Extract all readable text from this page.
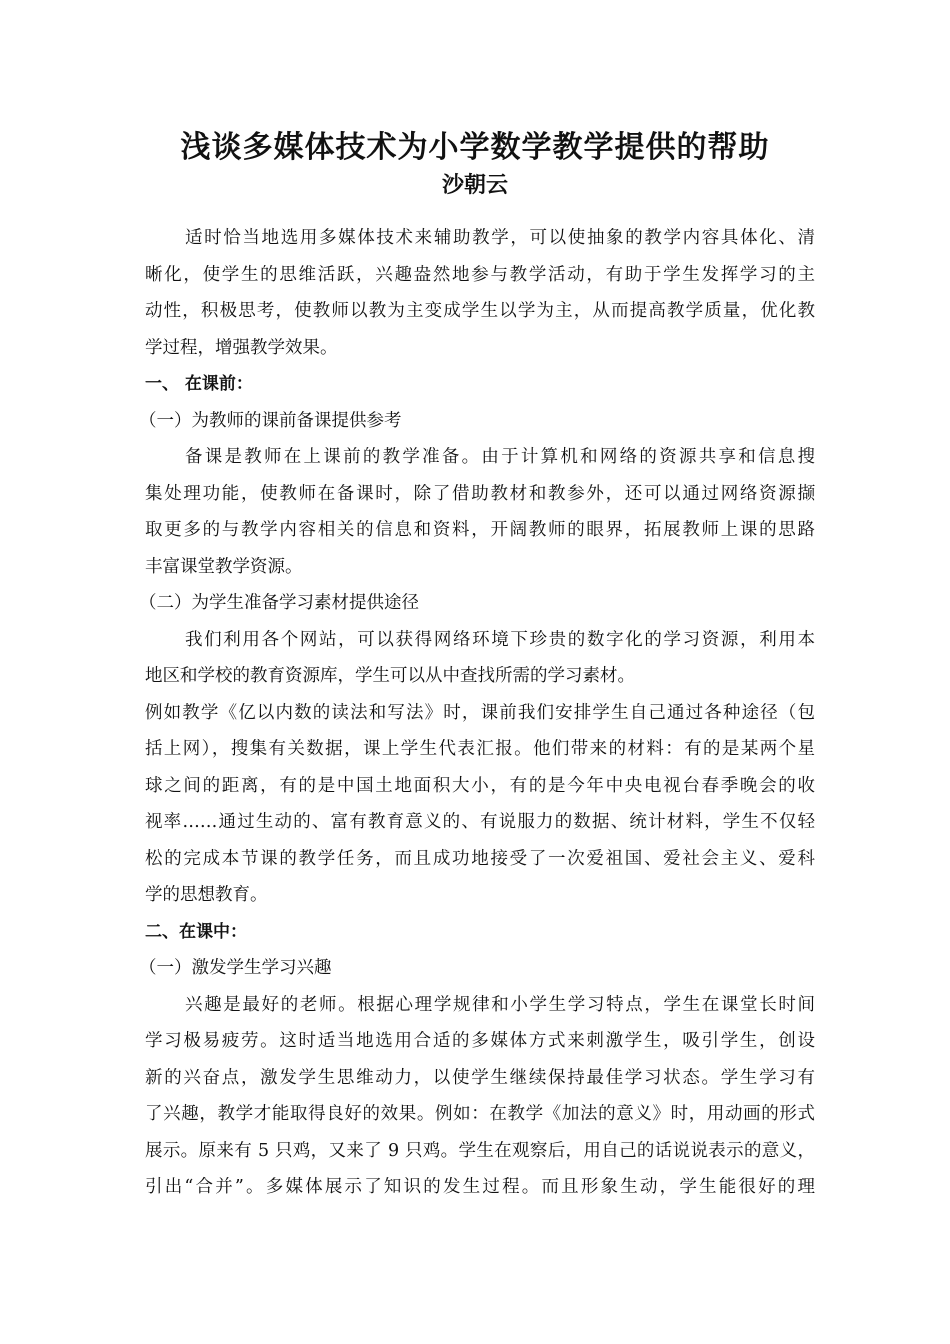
浅谈多媒体技术为小学数学教学提供的帮助
沙朝云
适时恰当地选用多媒体技术来辅助教学，可以使抽象的教学内容具体化、清
晰化，使学生的思维活跃，兴趣盎然地参与教学活动，有助于学生发挥学习的主
动性，积极思考，使教师以教为主变成学生以学为主，从而提高教学质量，优化教
学过程，增强教学效果。
一、 在课前：
（一）为教师的课前备课提供参考
备课是教师在上课前的教学准备。由于计算机和网络的资源共享和信息搜
集处理功能，使教师在备课时，除了借助教材和教参外，还可以通过网络资源撷
取更多的与教学内容相关的信息和资料，开阔教师的眼界，拓展教师上课的思路
丰富课堂教学资源。
（二）为学生准备学习素材提供途径
我们利用各个网站，可以获得网络环境下珍贵的数字化的学习资源，利用本
地区和学校的教育资源库，学生可以从中查找所需的学习素材。
例如教学《亿以内数的读法和写法》时，课前我们安排学生自己通过各种途径（包
括上网），搜集有关数据，课上学生代表汇报。他们带来的材料：有的是某两个星
球之间的距离，有的是中国土地面积大小，有的是今年中央电视台春季晚会的收
视率……通过生动的、富有教育意义的、有说服力的数据、统计材料，学生不仅轻
松的完成本节课的教学任务，而且成功地接受了一次爱祖国、爱社会主义、爱科
学的思想教育。
二、在课中：
（一）激发学生学习兴趣
兴趣是最好的老师。根据心理学规律和小学生学习特点，学生在课堂长时间
学习极易疲劳。这时适当地选用合适的多媒体方式来刺激学生，吸引学生，创设
新的兴奋点，激发学生思维动力，以使学生继续保持最佳学习状态。学生学习有
了兴趣，教学才能取得良好的效果。例如：在教学《加法的意义》时，用动画的形式
展示。原来有 5 只鸡，又来了 9 只鸡。学生在观察后，用自己的话说说表示的意义，
引出“合并”。多媒体展示了知识的发生过程。而且形象生动，学生能很好的理
